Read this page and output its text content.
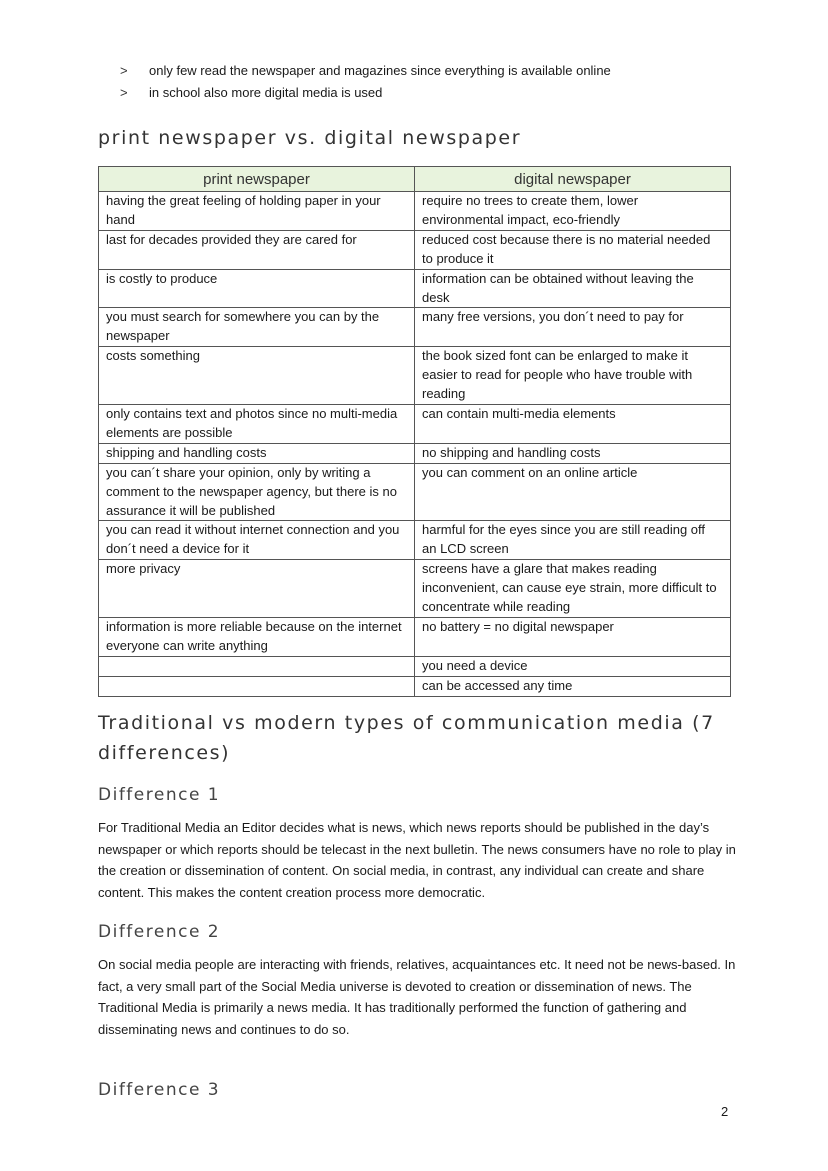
> only few read the newspaper and magazines since everything is available online
> in school also more digital media is used
print newspaper vs. digital newspaper
print newspaper	digital newspaper
having the great feeling of holding paper in your hand	require no trees to create them, lower environmental impact, eco-friendly
last for decades provided they are cared for	reduced cost because there is no material needed to produce it
is costly to produce	information can be obtained without leaving the desk
you must search for somewhere you can by the newspaper	many free versions, you don´t need to pay for
costs something	the book sized font can be enlarged to make it easier to read for people who have trouble with reading
only contains text and photos since no multi-media elements are possible	can contain multi-media elements
shipping and handling costs	no shipping and handling costs
you can´t share your opinion, only by writing a comment to the newspaper agency, but there is no assurance it will be published	you can comment on an online article
you can read it without internet connection and you don´t need a device for it	harmful for the eyes since you are still reading off an LCD screen
more privacy	screens have a glare that makes reading inconvenient, can cause eye strain, more difficult to concentrate while reading
information is more reliable because on the internet everyone can write anything	no battery = no digital newspaper
	you need a device
	can be accessed any time
Traditional vs modern types of communication media (7 differences)
Difference 1

For Traditional Media an Editor decides what is news, which news reports should be published in the day’s newspaper or which reports should be telecast in the next bulletin. The news consumers have no role to play in the creation or dissemination of content. On social media, in contrast, any individual can create and share content. This makes the content creation process more democratic.

Difference 2

On social media people are interacting with friends, relatives, acquaintances etc. It need not be news-based. In fact, a very small part of the Social Media universe is devoted to creation or dissemination of news. The Traditional Media is primarily a news media. It has traditionally performed the function of gathering and disseminating news and continues to do so.

Difference 3
2
